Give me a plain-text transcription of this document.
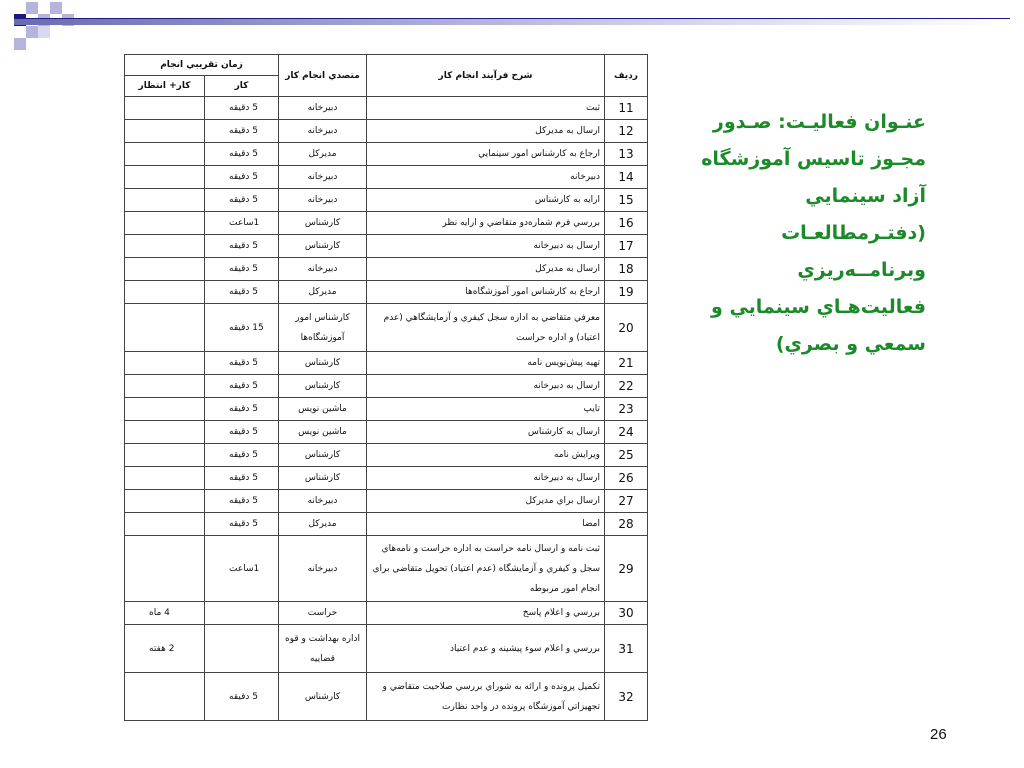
رديف	شرح فرآيند انجام كار	متصدي انجام كار	زمان تقريبي انجام	
			كار	كار+ انتظار
11	ثبت	دبيرخانه	5 دقيقه	
12	ارسال به مديركل	دبيرخانه	5 دقيقه	
13	ارجاع به كارشناس امور سينمايي	مديركل	5 دقيقه	
14	دبيرخانه	دبيرخانه	5 دقيقه	
15	ارايه به كارشناس	دبيرخانه	5 دقيقه	
16	بررسي فرم شماره‌دو متقاضي و ارايه نظر	كارشناس	1ساعت	
17	ارسال به دبيرخانه	كارشناس	5 دقيقه	
18	ارسال به مديركل	دبيرخانه	5 دقيقه	
19	ارجاع به كارشناس امور آموزشگاه‌ها	مديركل	5 دقيقه	
20	معرفي متقاضي به اداره سجل كيفري و آزمايشگاهي (عدم اعتياد) و اداره حراست	كارشناس امور آموزشگاه‌ها	15 دقيقه	
21	تهيه پيش‌نويس نامه	كارشناس	5 دقيقه	
22	ارسال به دبيرخانه	كارشناس	5 دقيقه	
23	تايپ	ماشين نويس	5 دقيقه	
24	ارسال به كارشناس	ماشين نويس	5 دقيقه	
25	ويرايش نامه	كارشناس	5 دقيقه	
26	ارسال به دبيرخانه	كارشناس	5 دقيقه	
27	ارسال براي مديركل	دبيرخانه	5 دقيقه	
28	امضا	مديركل	5 دقيقه	
29	ثبت نامه و ارسال نامه حراست به اداره حراست و نامه‌هاي سجل و كيفري و آزمايشگاه (عدم اعتياد) تحويل متقاضي براي انجام امور مربوطه	دبيرخانه	1ساعت	
30	بررسي و اعلام پاسخ	حراست		4 ماه
31	بررسي و اعلام سوء پيشينه و عدم اعتياد	اداره بهداشت و قوه قضاييه		2 هفته
32	تكميل پرونده و ارائه به شوراي بررسي صلاحيت متقاضي و تجهيزاتي آموزشگاه پرونده در واحد نظارت	كارشناس	5 دقيقه	
عنـوان فعاليـت: صـدور مجـوز تاسيس آموزشگاه آزاد سينمايي (دفتـرمطالعـات وبرنامــه‌ريزي فعاليت‌هـاي سينمايي و سمعي و بصري)
26
